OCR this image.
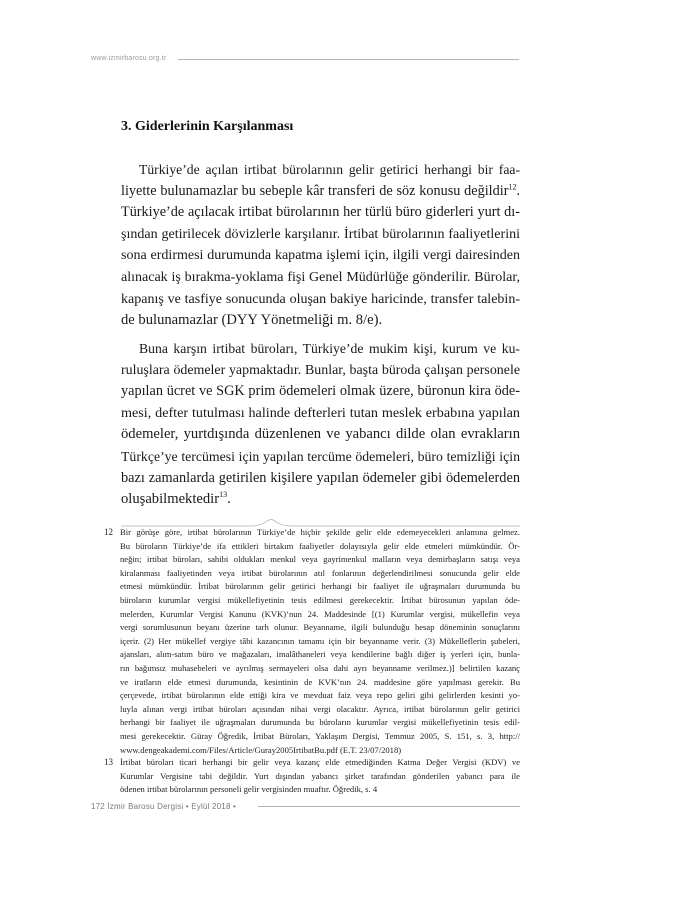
www.izmirbarosu.org.tr
3. Giderlerinin Karşılanması
Türkiye’de açılan irtibat bürolarının gelir getirici herhangi bir faa-
liyette bulunamazlar bu sebeple kâr transferi de söz konusu değildir$^{12}$.
Türkiye’de açılacak irtibat bürolarının her türlü büro giderleri yurt dı-
şından getirilecek dövizlerle karşılanır. İrtibat bürolarının faaliyetlerini
sona erdirmesi durumunda kapatma işlemi için, ilgili vergi dairesinden
alınacak iş bırakma-yoklama fişi Genel Müdürlüğe gönderilir. Bürolar,
kapanış ve tasfiye sonucunda oluşan bakiye haricinde, transfer talebin-
de bulunamazlar (DYY Yönetmeliği m. 8/e).
Buna karşın irtibat büroları, Türkiye’de mukim kişi, kurum ve ku-
ruluşlara ödemeler yapmaktadır. Bunlar, başta büroda çalışan personele
yapılan ücret ve SGK prim ödemeleri olmak üzere, büronun kira öde-
mesi, defter tutulması halinde defterleri tutan meslek erbabına yapılan
ödemeler, yurtdışında düzenlenen ve yabancı dilde olan evrakların
Türkçe’ye tercümesi için yapılan tercüme ödemeleri, büro temizliği için
bazı zamanlarda getirilen kişilere yapılan ödemeler gibi ödemelerden
oluşabilmektedir$^{13}$.
12 Bir görüşe göre, irtibat bürolarının Türkiye’de hiçbir şekilde gelir elde edemeyecekleri anlamına gelmez.
Bu büroların Türkiye’de ifa ettikleri birtakım faaliyetler dolayısıyla gelir elde etmeleri mümkündür. Ör-
neğin; irtibat büroları, sahibi oldukları menkul veya gayrimenkul malların veya demirbaşların satışı veya
kiralanması faaliyetinden veya irtibat bürolarının atıl fonlarının değerlendirilmesi sonucunda gelir elde
etmesi mümkündür. İrtibat bürolarının gelir getirici herhangi bir faaliyet ile uğraşmaları durumunda bu
büroların kurumlar vergisi mükellefiyetinin tesis edilmesi gerekecektir. İrtibat bürosunun yapılan öde-
melerden, Kurumlar Vergisi Kanunu (KVK)’nun 24. Maddesinde [(1) Kurumlar vergisi, mükellefin veya
vergi sorumlusunun beyanı üzerine tarh olunur. Beyanname, ilgili bulunduğu hesap döneminin sonuçlarını
içerir. (2) Her mükellef vergiye tâbi kazancının tamamı için bir beyanname verir. (3) Mükelleflerin şubeleri,
ajansları, alım-satım büro ve mağazaları, imalâthaneleri veya kendilerine bağlı diğer iş yerleri için, bunla-
rın bağımsız muhasebeleri ve ayrılmış sermayeleri olsa dahi ayrı beyanname verilmez.)] belirtilen kazanç
ve iratların elde etmesi durumunda, kesintinin de KVK’nın 24. maddesine göre yapılması gerekir. Bu
çerçevede, irtibat bürolarının elde ettiği kira ve mevduat faiz veya repo geliri gibi gelirlerden kesinti yo-
luyla alınan vergi irtibat büroları açısından nihai vergi olacaktır. Ayrıca, irtibat bürolarının gelir getirici
herhangi bir faaliyet ile uğraşmaları durumunda bu büroların kurumlar vergisi mükellefiyetinin tesis edil-
mesi gerekecektir. Güray Öğredik, İrtibat Büroları, Yaklaşım Dergisi, Temmuz 2005, S. 151, s. 3, http://
www.dengeakademi.com/Files/Article/Guray2005IrtibatBu.pdf (E.T. 23/07/2018)
13 İrtibat büroları ticari herhangi bir gelir veya kazanç elde etmediğinden Katma Değer Vergisi (KDV) ve
Kurumlar Vergisine tabi değildir. Yurt dışından yabancı şirket tarafından gönderilen yabancı para ile
ödenen irtibat bürolarının personeli gelir vergisinden muaftır. Öğredik, s. 4
172 İzmir Barosu Dergisi • Eylül 2018 •
